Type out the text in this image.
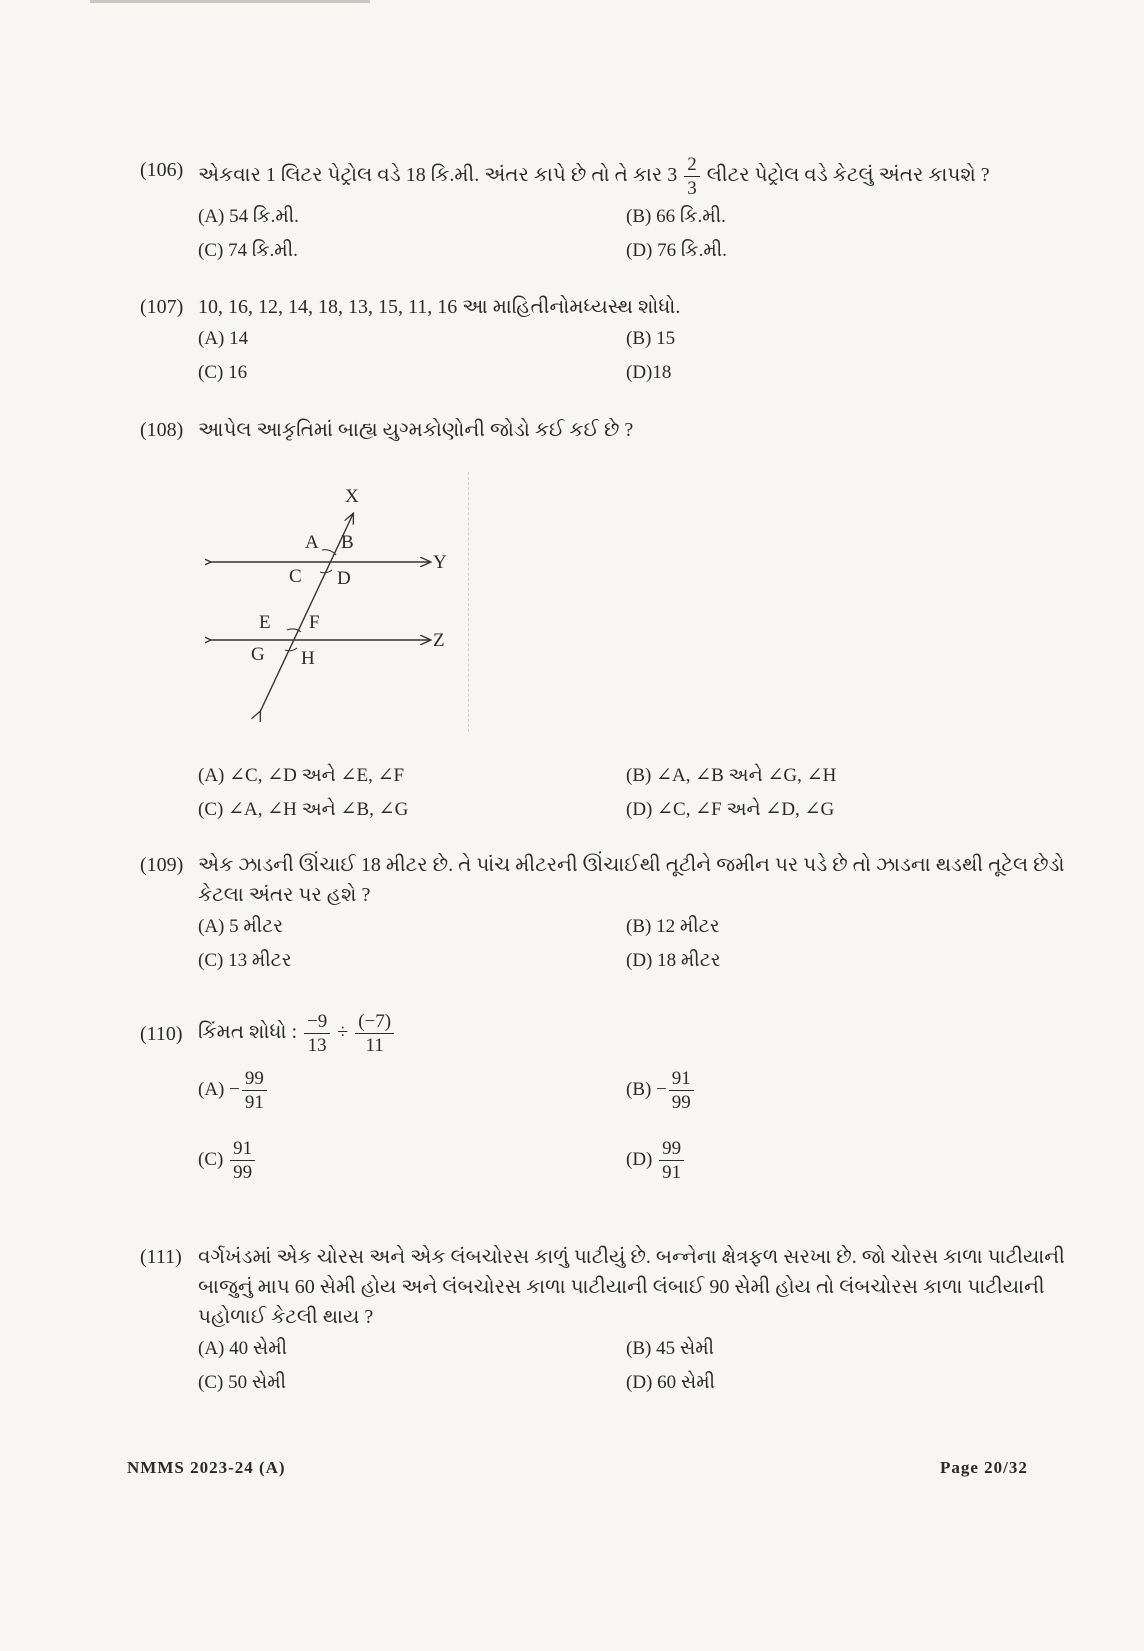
(106) એકવાર 1 લિટર પેટ્રોલ વડે 18 કિ.મી. અંતર કાપે છે તો તે કાર $3 \frac{2}{3}$ લીટર પેટ્રોલ વડે કેટલું અંતર કાપશે ?
(A) 54 કિ.મી.	(B) 66 કિ.મી.
(C) 74 કિ.મી.	(D) 76 કિ.મી.
(107) 10, 16, 12, 14, 18, 13, 15, 11, 16 આ માહિતીનોમધ્યસ્થ શોધો.
(A) 14	(B) 15
(C) 16	(D)18
(108) આપેલ આકૃતિમાં બાહ્ય યુગ્મકોણોની જોડો કઈ કઈ છે ?
X
A B
Y
C D
E F
Z
G H
(A) ∠C, ∠D અને ∠E, ∠F	(B) ∠A, ∠B અને ∠G, ∠H
(C) ∠A, ∠H અને ∠B, ∠G	(D) ∠C, ∠F અને ∠D, ∠G
(109) એક ઝાડની ઊંચાઈ 18 મીટર છે. તે પાંચ મીટરની ઊંચાઈથી તૂટીને જમીન પર પડે છે તો ઝાડના થડથી તૂટેલ છેડો કેટલા અંતર પર હશે ?
(A) 5 મીટર	(B) 12 મીટર
(C) 13 મીટર	(D) 18 મીટર
(110) કિંમત શોધો : $\frac{-9}{13} \div \frac{(-7)}{11}$
$(A) - \frac{99}{91}$	$(B) - \frac{91}{99}$
$(C) \frac{91}{99}$	$(D) \frac{99}{91}$
(111) વર્ગખંડમાં એક ચોરસ અને એક લંબચોરસ કાળું પાટીયું છે. બન્નેના ક્ષેત્રફળ સરખા છે. જો ચોરસ કાળા પાટીયાની બાજુનું માપ 60 સેમી હોય અને લંબચોરસ કાળા પાટીયાની લંબાઈ 90 સેમી હોય તો લંબચોરસ કાળા પાટીયાની પહોળાઈ કેટલી થાય ?
(A) 40 સેમી	(B) 45 સેમી
(C) 50 સેમી	(D) 60 સેમી
NMMS 2023-24 (A)	Page 20/32
